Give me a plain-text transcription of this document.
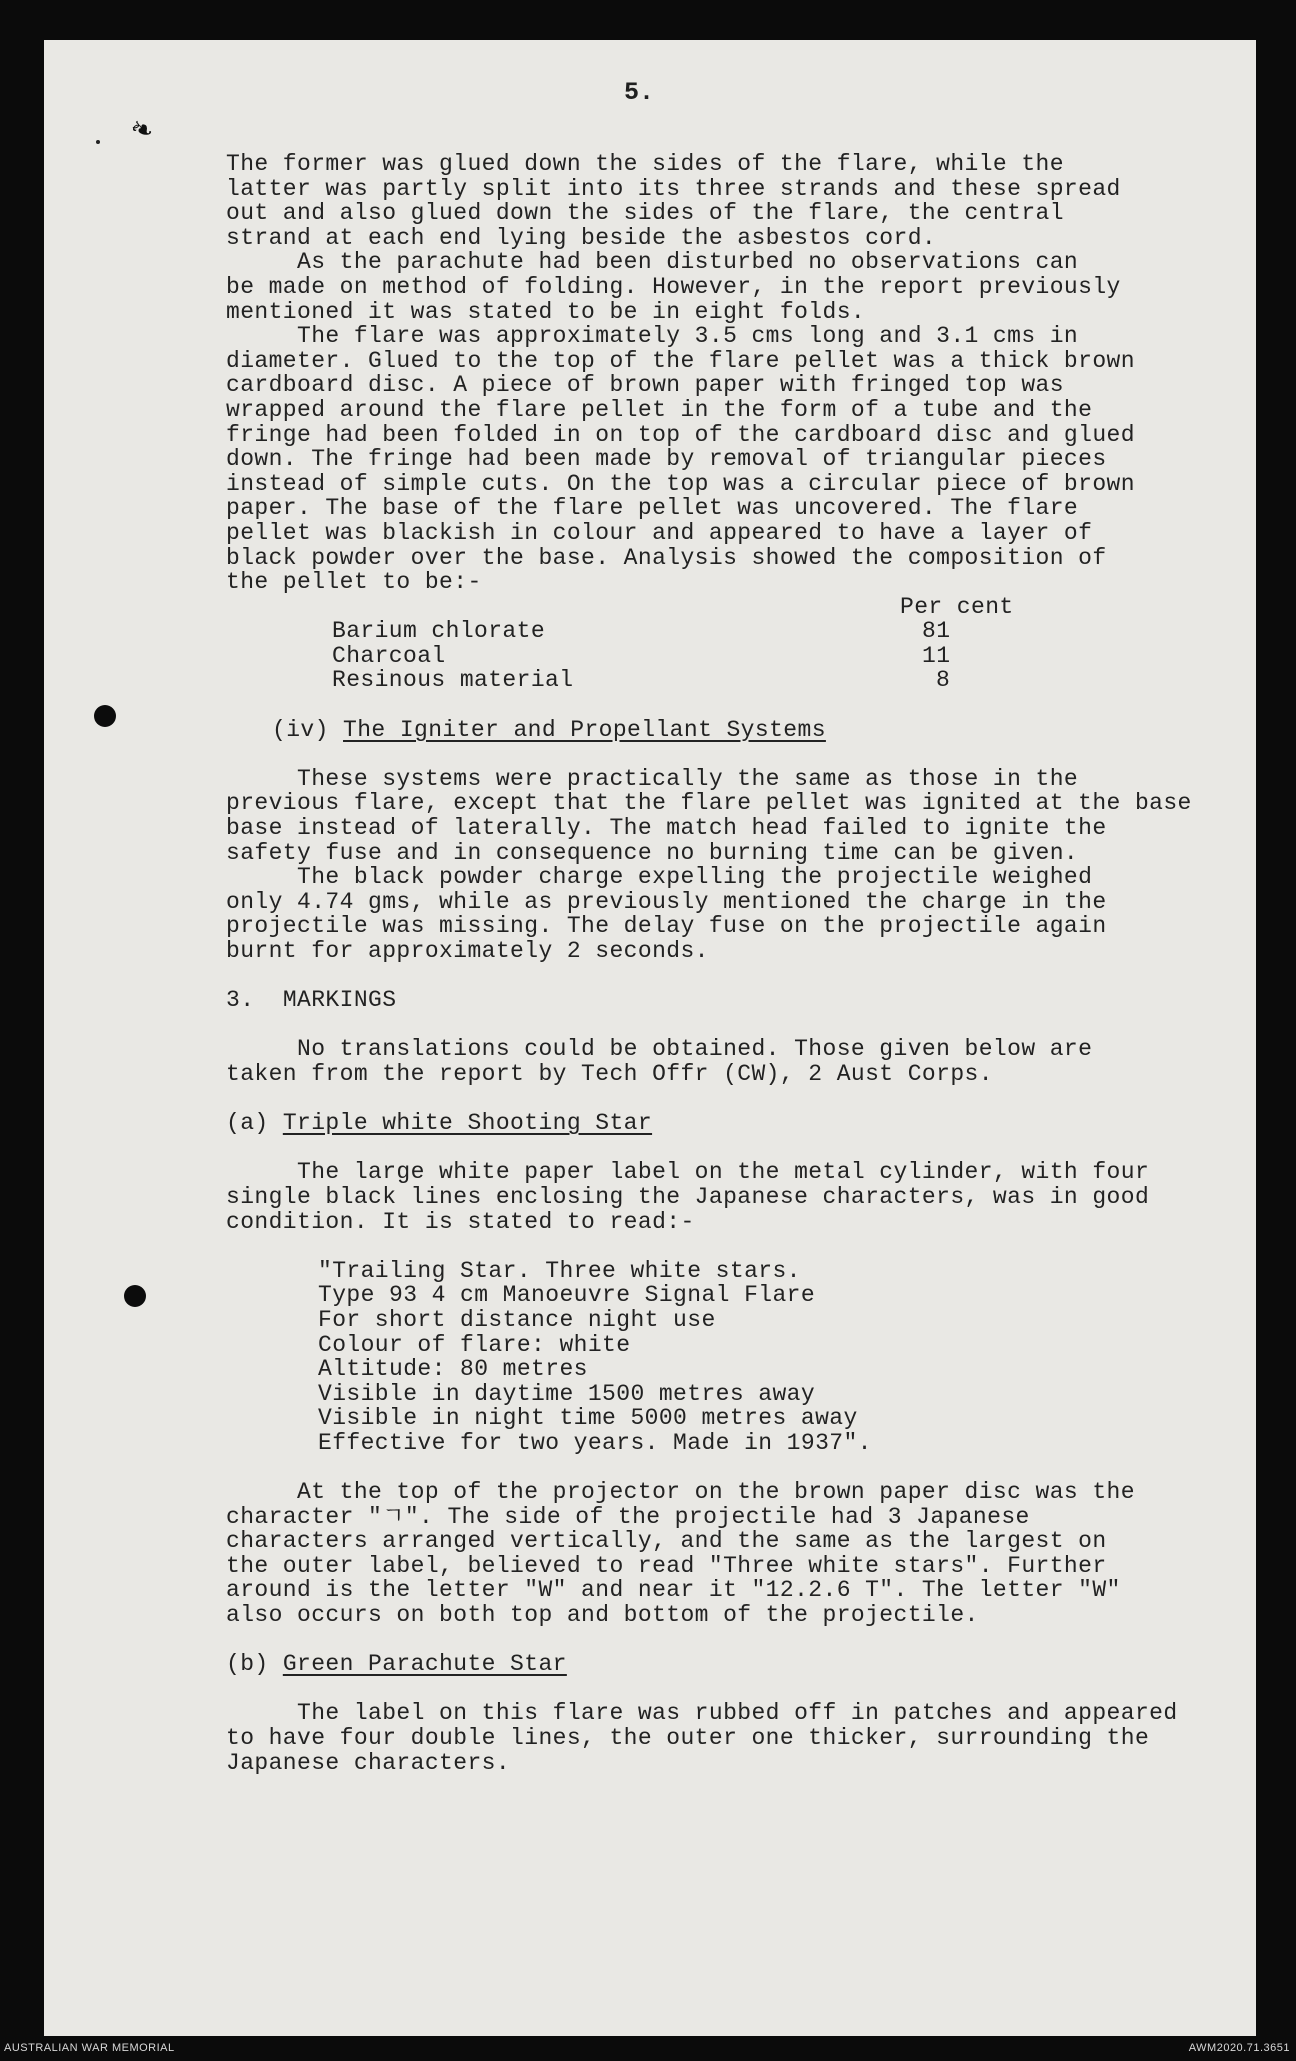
5.
❧
The former was glued down the sides of the flare, while the
latter was partly split into its three strands and these spread
out and also glued down the sides of the flare, the central
strand at each end lying beside the asbestos cord.
As the parachute had been disturbed no observations can
be made on method of folding. However, in the report previously
mentioned it was stated to be in eight folds.
The flare was approximately 3.5 cms long and 3.1 cms in
diameter. Glued to the top of the flare pellet was a thick brown
cardboard disc. A piece of brown paper with fringed top was
wrapped around the flare pellet in the form of a tube and the
fringe had been folded in on top of the cardboard disc and glued
down. The fringe had been made by removal of triangular pieces
instead of simple cuts. On the top was a circular piece of brown
paper. The base of the flare pellet was uncovered. The flare
pellet was blackish in colour and appeared to have a layer of
black powder over the base. Analysis showed the composition of
the pellet to be:-
Per cent
Barium chlorate	81
Charcoal	11
Resinous material	8
(iv) The Igniter and Propellant Systems
These systems were practically the same as those in the
previous flare, except that the flare pellet was ignited at the base
base instead of laterally. The match head failed to ignite the
safety fuse and in consequence no burning time can be given.
The black powder charge expelling the projectile weighed
only 4.74 gms, while as previously mentioned the charge in the
projectile was missing. The delay fuse on the projectile again
burnt for approximately 2 seconds.
3. MARKINGS
No translations could be obtained. Those given below are
taken from the report by Tech Offr (CW), 2 Aust Corps.
(a) Triple white Shooting Star
The large white paper label on the metal cylinder, with four
single black lines enclosing the Japanese characters, was in good
condition. It is stated to read:-
"Trailing Star. Three white stars.
Type 93 4 cm Manoeuvre Signal Flare
For short distance night use
Colour of flare: white
Altitude: 80 metres
Visible in daytime 1500 metres away
Visible in night time 5000 metres away
Effective for two years. Made in 1937".
At the top of the projector on the brown paper disc was the
character "ㄱ". The side of the projectile had 3 Japanese
characters arranged vertically, and the same as the largest on
the outer label, believed to read "Three white stars". Further
around is the letter "W" and near it "12.2.6 T". The letter "W"
also occurs on both top and bottom of the projectile.
(b) Green Parachute Star
The label on this flare was rubbed off in patches and appeared
to have four double lines, the outer one thicker, surrounding the
Japanese characters.
AUSTRALIAN WAR MEMORIAL	AWM2020.71.3651
